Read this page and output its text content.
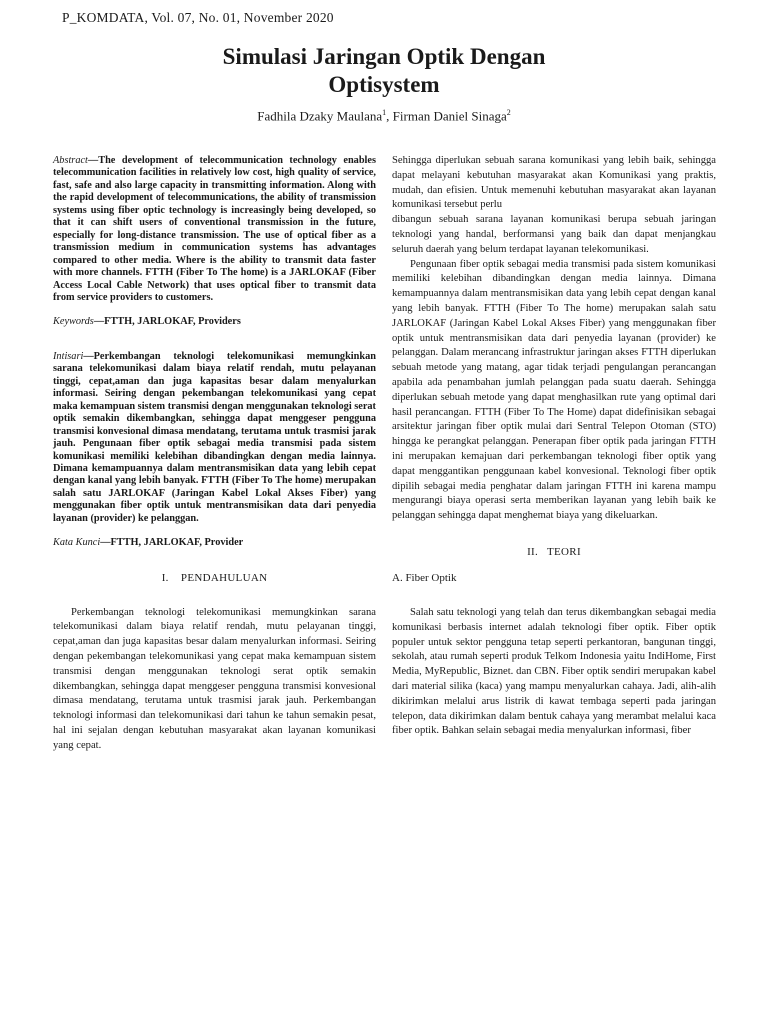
P_KOMDATA, Vol. 07, No. 01, November 2020
Simulasi Jaringan Optik Dengan
Optisystem
Fadhila Dzaky Maulana$^1$, Firman Daniel Sinaga$^2$

Abstract—The development of telecommunication technology enables telecommunication facilities in relatively low cost, high quality of service, fast, safe and also large capacity in transmitting information. Along with the rapid development of telecommunications, the ability of transmission systems using fiber optic technology is increasingly being developed, so that it can shift users of conventional transmission in the future, especially for long-distance transmission. The use of optical fiber as a transmission medium in communication systems has advantages compared to other media. Where is the ability to transmit data faster with more channels. FTTH (Fiber To The home) is a JARLOKAF (Fiber Access Local Cable Network) that uses optical fiber to transmit data from service providers to customers.

Keywords—FTTH, JARLOKAF, Providers

Intisari—Perkembangan teknologi telekomunikasi memungkinkan sarana telekomunikasi dalam biaya relatif rendah, mutu pelayanan tinggi, cepat,aman dan juga kapasitas besar dalam menyalurkan informasi. Seiring dengan pekembangan telekomunikasi yang cepat maka kemampuan sistem transmisi dengan menggunakan teknologi serat optik semakin dikembangkan, sehingga dapat menggeser pengguna transmisi konvesional dimasa mendatang, terutama untuk trasmisi jarak jauh. Pengunaan fiber optik sebagai media transmisi pada sistem komunikasi memiliki kelebihan dibandingkan dengan media lainnya. Dimana kemampuannya dalam mentransmisikan data yang lebih cepat dengan kanal yang lebih banyak. FTTH (Fiber To The home) merupakan salah satu JARLOKAF (Jaringan Kabel Lokal Akses Fiber) yang menggunakan fiber optik untuk mentransmisikan data dari penyedia layanan (provider) ke pelanggan.

Kata Kunci—FTTH, JARLOKAF, Provider

I.    PENDAHULUAN

Perkembangan teknologi telekomunikasi memungkinkan sarana telekomunikasi dalam biaya relatif rendah, mutu pelayanan tinggi, cepat,aman dan juga kapasitas besar dalam menyalurkan informasi. Seiring dengan pekembangan telekomunikasi yang cepat maka kemampuan sistem transmisi dengan menggunakan teknologi serat optik semakin dikembangkan, sehingga dapat menggeser pengguna transmisi konvesional dimasa mendatang, terutama untuk trasmisi jarak jauh. Perkembangan teknologi informasi dan telekomunikasi dari tahun ke tahun semakin pesat, hal ini sejalan dengan kebutuhan masyarakat akan layanan komunikasi yang cepat.

Sehingga diperlukan sebuah sarana komunikasi yang lebih baik, sehingga dapat melayani kebutuhan masyarakat akan Komunikasi yang praktis, mudah, dan efisien. Untuk memenuhi kebutuhan masyarakat akan layanan komunikasi tersebut perlu

dibangun sebuah sarana layanan komunikasi berupa sebuah jaringan teknologi yang handal, berforma​nsi yang baik dan dapat menjangkau seluruh daerah yang belum terdapat layanan telekomunikasi.

Pengunaan fiber optik sebagai media transmisi pada sistem komunikasi memiliki kelebihan dibandingkan dengan media lainnya. Dimana kemampuannya dalam mentransmisikan data yang lebih cepat dengan kanal yang lebih banyak. FTTH (Fiber To The home) merupakan salah satu JARLOKAF (Jaringan Kabel Lokal Akses Fiber) yang menggunakan fiber optik untuk mentransmisikan data dari penyedia layanan (provider) ke pelanggan. Dalam merancang infrastruktur jaringan akses FTTH diperlukan sebuah metode yang matang, agar tidak terjadi pengulangan perancangan apabila ada penambahan jumlah pelanggan pada suatu daerah. Sehingga diperlukan sebuah metode yang dapat menghasilkan rute yang optimal dari hasil perancangan. FTTH (Fiber To The Home) dapat didefinisikan sebagai arsitektur jaringan fiber optik mulai dari Sentral Telepon Otoman (STO) hingga ke perangkat pelanggan. Penerapan fiber optik pada jaringan FTTH ini merupakan kemajuan dari perkembangan teknologi fiber optik yang dapat menggantikan penggunaan kabel konvesional. Teknologi fiber optik dipilih sebagai media penghatar dalam jaringan FTTH ini karena mampu mengurangi biaya operasi serta memberikan layanan yang lebih baik ke pelanggan sehingga dapat menghemat biaya yang dikeluarkan.

II.   TEORI

A. Fiber Optik

Salah satu teknologi yang telah dan terus dikembangkan sebagai media komunikasi berbasis internet adalah teknologi fiber optik. Fiber optik populer untuk sektor pengguna tetap seperti perkantoran, bangunan tinggi, sekolah, atau rumah seperti produk Telkom Indonesia yaitu IndiHome, First Media, MyRepublic, Biznet. dan CBN. Fiber optik sendiri merupakan kabel dari material silika (kaca) yang mampu menyalurkan cahaya. Jadi, alih-alih dikirimkan melalui arus listrik di kawat tembaga seperti pada jaringan telepon, data dikirimkan dalam bentuk cahaya yang merambat melalui kaca fiber optik. Bahkan selain sebagai media menyalurkan informasi, fiber
